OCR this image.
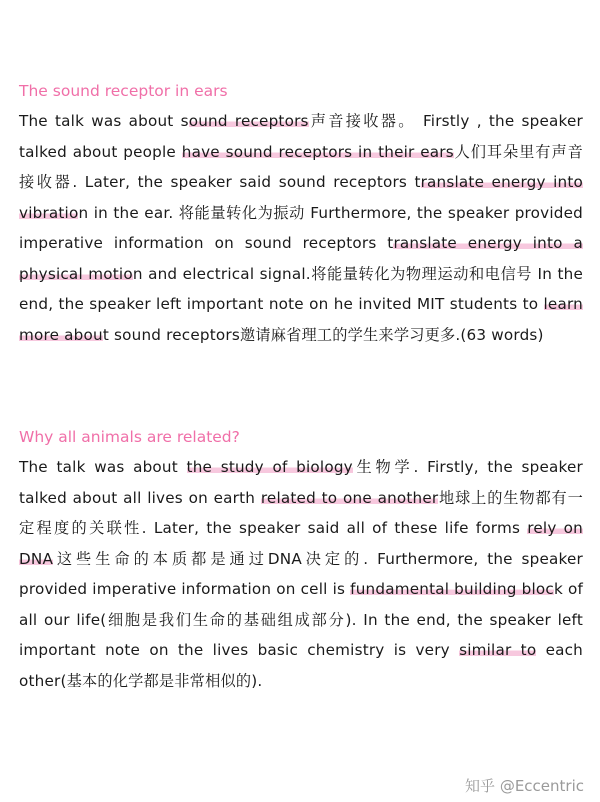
The sound receptor in ears

The talk was about sound receptors声音接收器。 Firstly , the speaker talked about people have sound receptors in their ears人们耳朵里有声音接收器. Later, the speaker said sound receptors translate energy into vibration in the ear. 将能量转化为振动 Furthermore, the speaker provided imperative information on sound receptors translate energy into a physical motion and electrical signal.将能量转化为物理运动和电信号 In the end, the speaker left important note on he invited MIT students to learn more about sound receptors邀请麻省理工的学生来学习更多.(63 words)

Why all animals are related?

The talk was about the study of biology生物学. Firstly, the speaker talked about all lives on earth related to one another地球上的生物都有一定程度的关联性. Later, the speaker said all of these life forms rely on DNA这些生命的本质都是通过DNA决定的. Furthermore, the speaker provided imperative information on cell is fundamental building block of all our life(细胞是我们生命的基础组成部分). In the end, the speaker left important note on the lives basic chemistry is very similar to each other(基本的化学都是非常相似的).

知乎 @Eccentric
